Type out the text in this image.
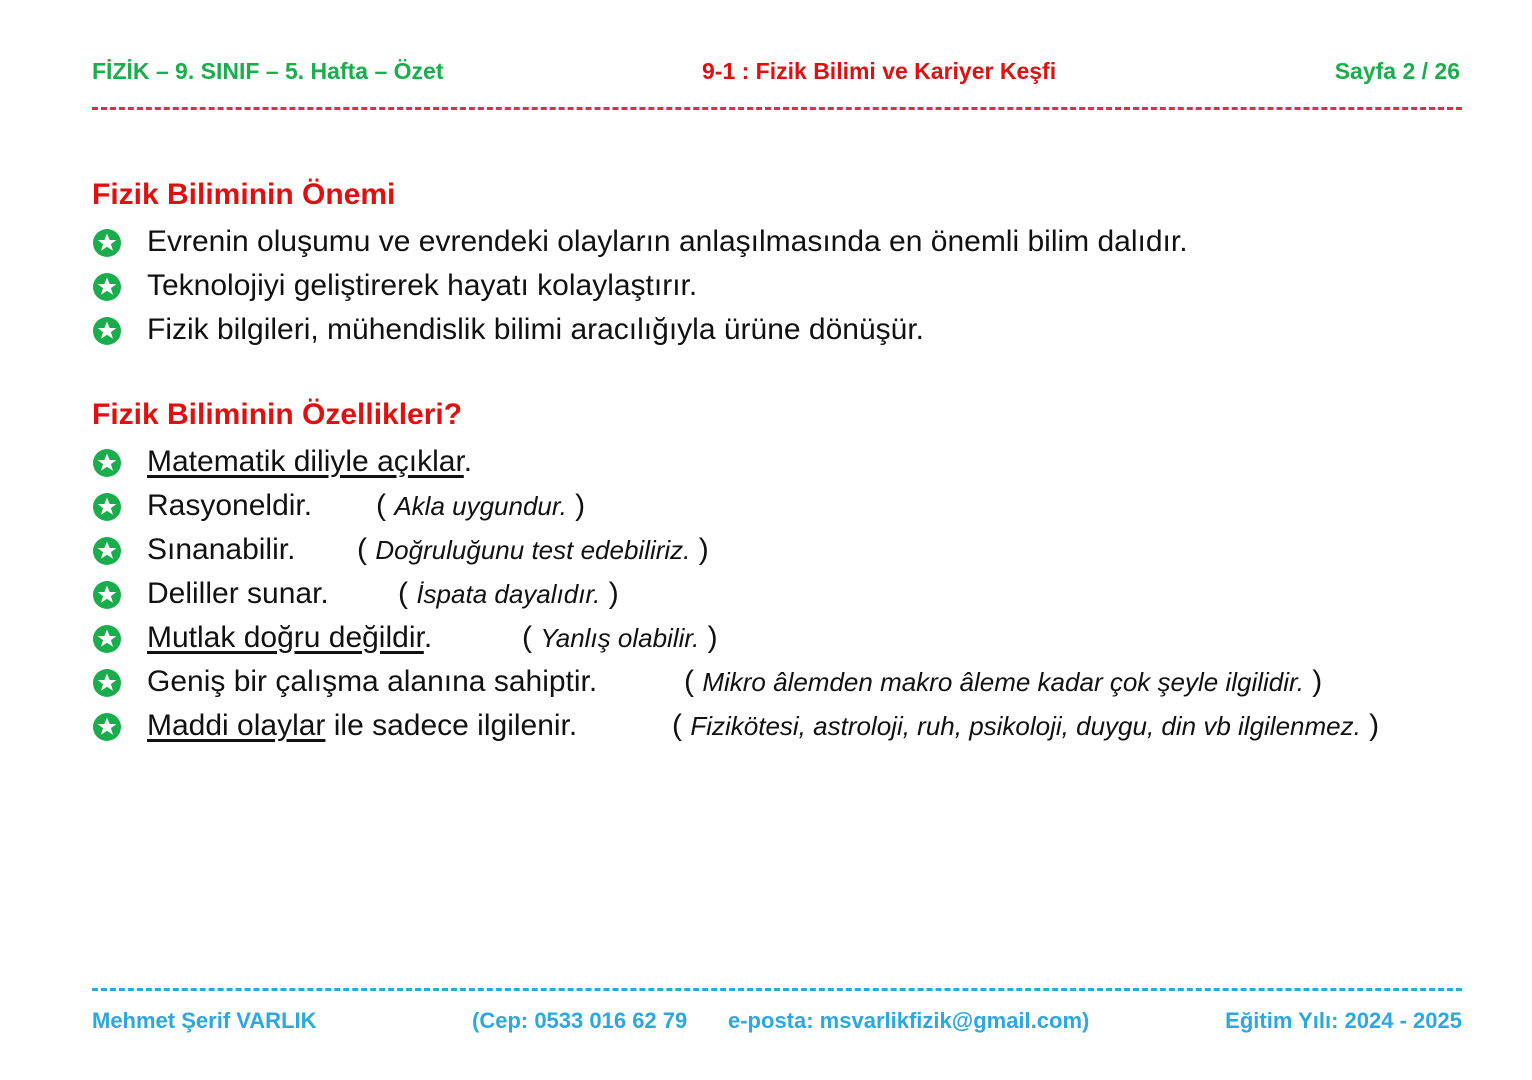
FİZİK – 9. SINIF – 5. Hafta – Özet	9-1 : Fizik Bilimi ve Kariyer Keşfi	Sayfa 2 / 26
Fizik Biliminin Önemi
Evrenin oluşumu ve evrendeki olayların anlaşılmasında en önemli bilim dalıdır.
Teknolojiyi geliştirerek hayatı kolaylaştırır.
Fizik bilgileri, mühendislik bilimi aracılığıyla ürüne dönüşür.
Fizik Biliminin Özellikleri?
Matematik diliyle açıklar.
Rasyoneldir. ( Akla uygundur. )
Sınanabilir. ( Doğruluğunu test edebiliriz. )
Deliller sunar. ( İspata dayalıdır. )
Mutlak doğru değildir.	( Yanlış olabilir. )
Geniş bir çalışma alanına sahiptir.	( Mikro âlemden makro âleme kadar çok şeyle ilgilidir. )
Maddi olaylar ile sadece ilgilenir.	( Fizikötesi, astroloji, ruh, psikoloji, duygu, din vb ilgilenmez. )
Mehmet Şerif VARLIK	(Cep: 0533 016 62 79 e-posta: msvarlikfizik@gmail.com)	Eğitim Yılı: 2024 - 2025
